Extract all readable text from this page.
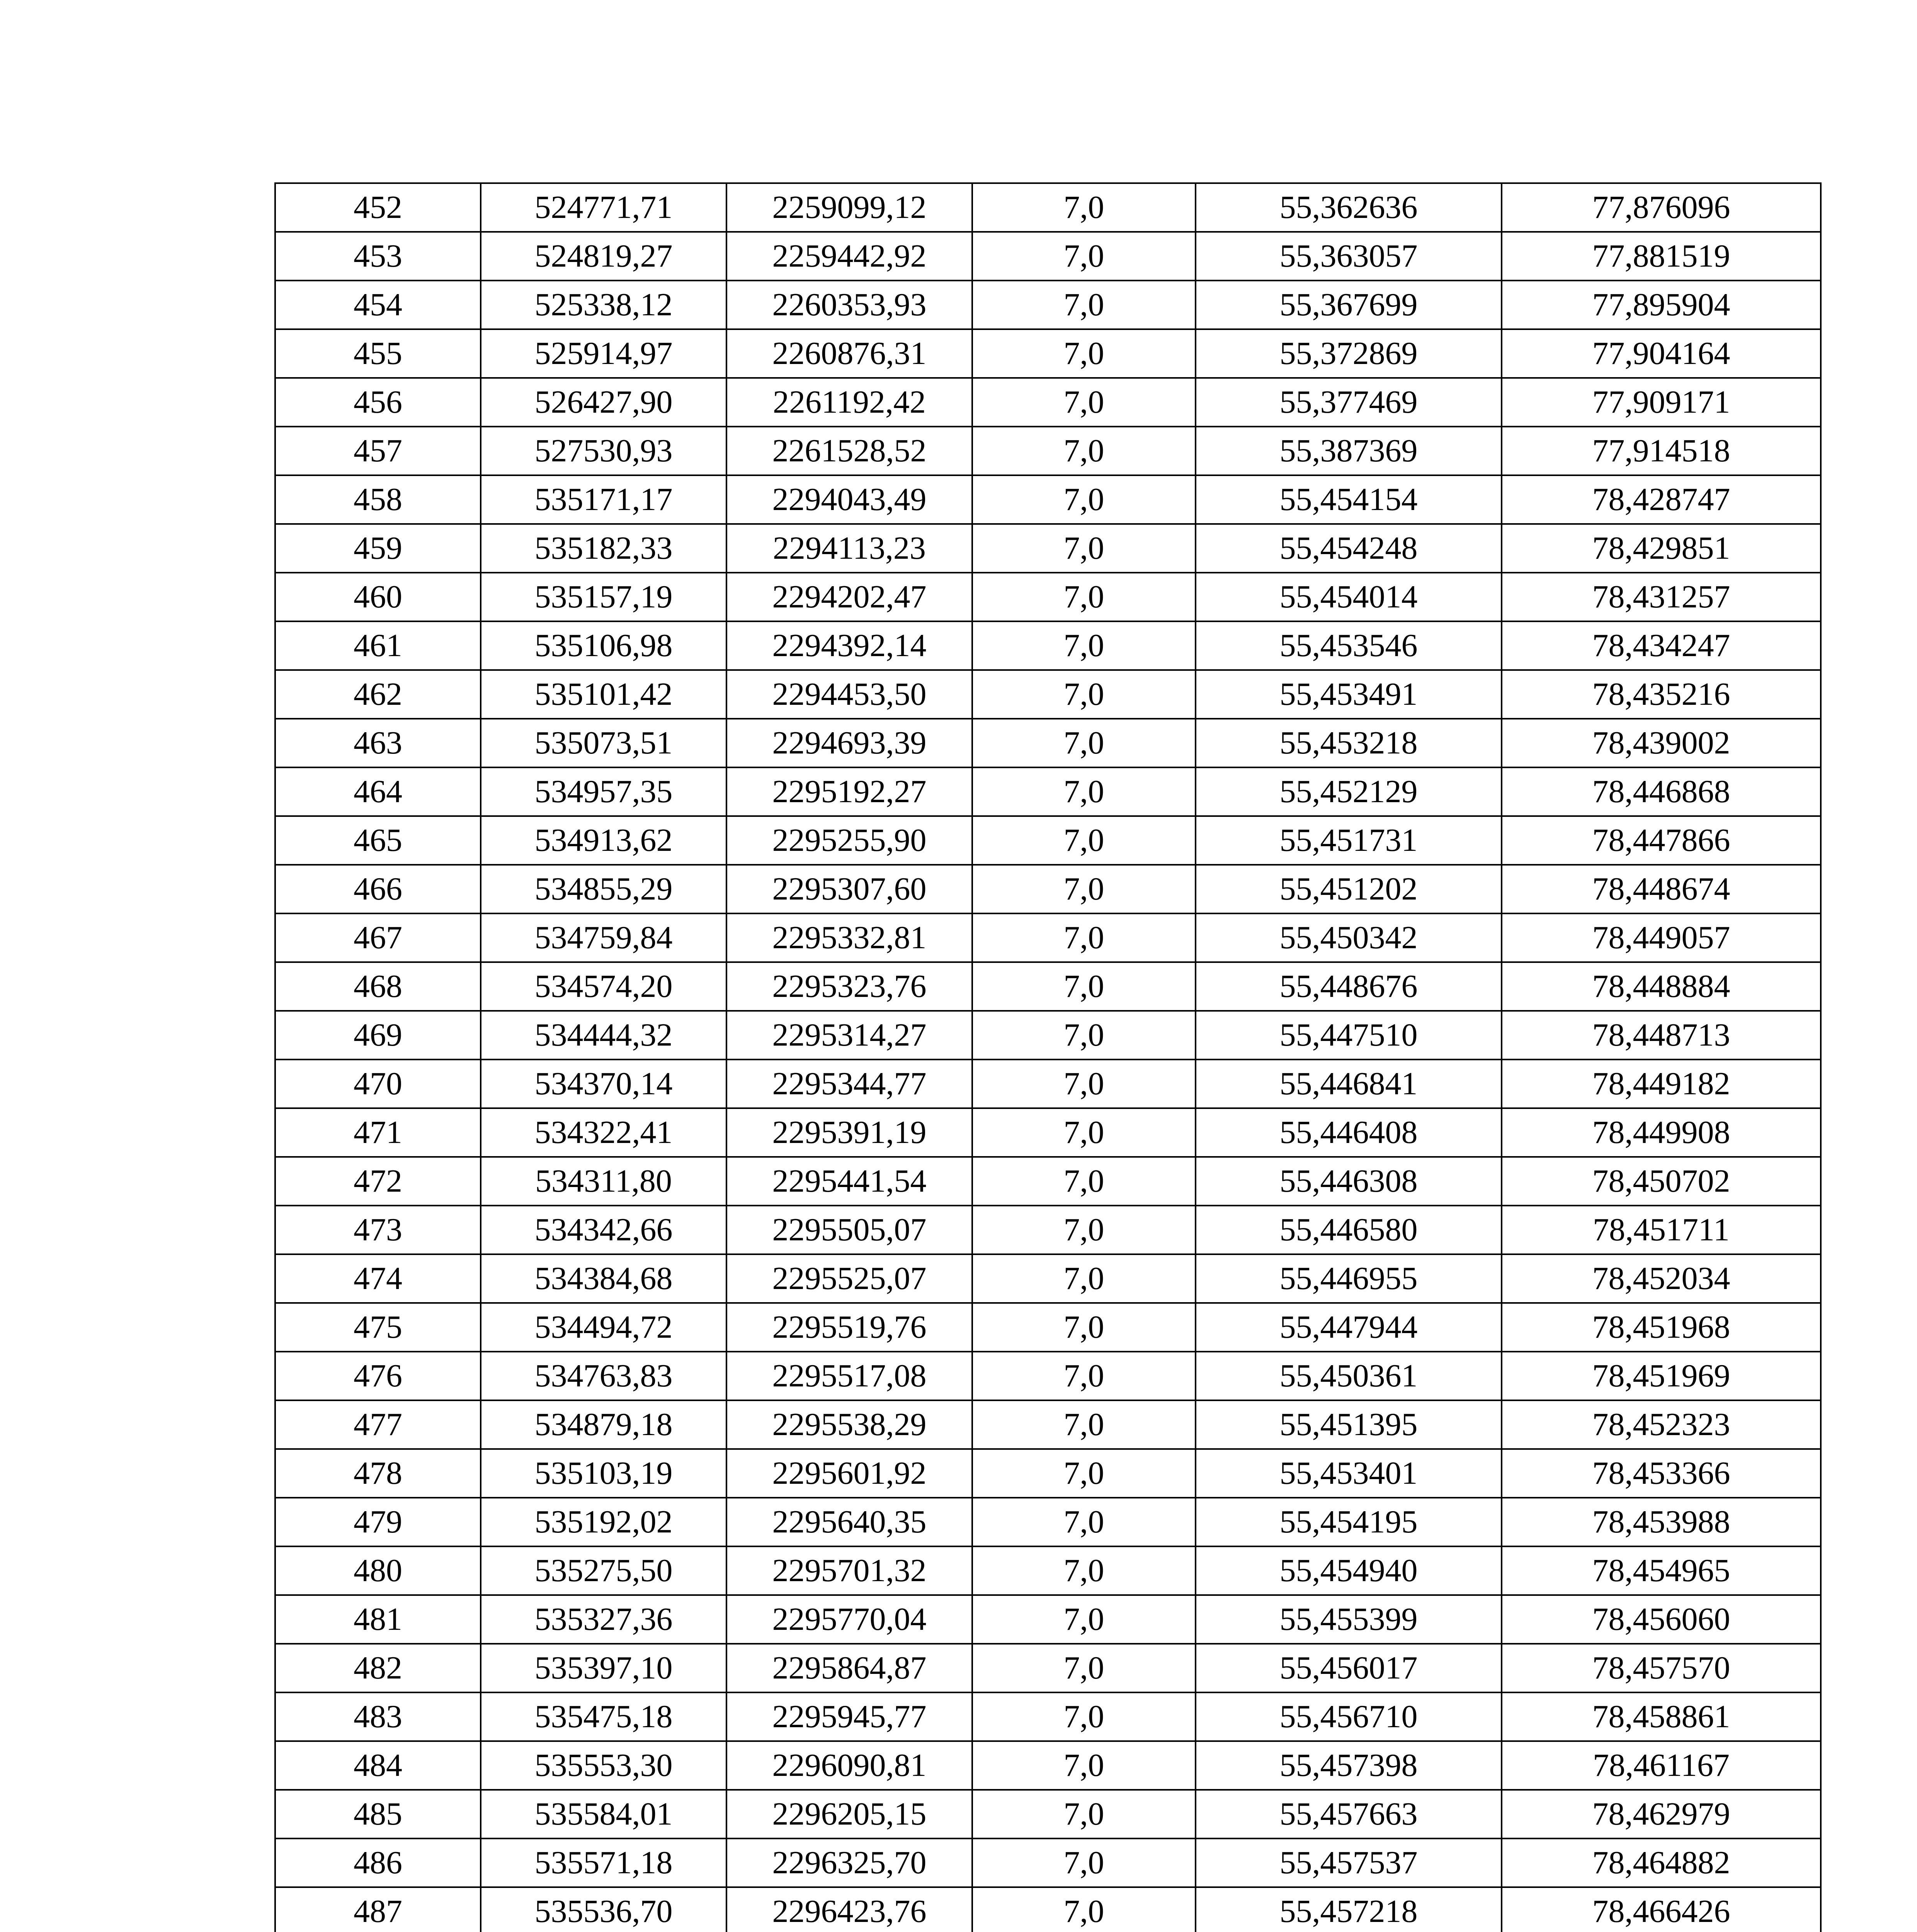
452	524771,71	2259099,12	7,0	55,362636	77,876096
453	524819,27	2259442,92	7,0	55,363057	77,881519
454	525338,12	2260353,93	7,0	55,367699	77,895904
455	525914,97	2260876,31	7,0	55,372869	77,904164
456	526427,90	2261192,42	7,0	55,377469	77,909171
457	527530,93	2261528,52	7,0	55,387369	77,914518
458	535171,17	2294043,49	7,0	55,454154	78,428747
459	535182,33	2294113,23	7,0	55,454248	78,429851
460	535157,19	2294202,47	7,0	55,454014	78,431257
461	535106,98	2294392,14	7,0	55,453546	78,434247
462	535101,42	2294453,50	7,0	55,453491	78,435216
463	535073,51	2294693,39	7,0	55,453218	78,439002
464	534957,35	2295192,27	7,0	55,452129	78,446868
465	534913,62	2295255,90	7,0	55,451731	78,447866
466	534855,29	2295307,60	7,0	55,451202	78,448674
467	534759,84	2295332,81	7,0	55,450342	78,449057
468	534574,20	2295323,76	7,0	55,448676	78,448884
469	534444,32	2295314,27	7,0	55,447510	78,448713
470	534370,14	2295344,77	7,0	55,446841	78,449182
471	534322,41	2295391,19	7,0	55,446408	78,449908
472	534311,80	2295441,54	7,0	55,446308	78,450702
473	534342,66	2295505,07	7,0	55,446580	78,451711
474	534384,68	2295525,07	7,0	55,446955	78,452034
475	534494,72	2295519,76	7,0	55,447944	78,451968
476	534763,83	2295517,08	7,0	55,450361	78,451969
477	534879,18	2295538,29	7,0	55,451395	78,452323
478	535103,19	2295601,92	7,0	55,453401	78,453366
479	535192,02	2295640,35	7,0	55,454195	78,453988
480	535275,50	2295701,32	7,0	55,454940	78,454965
481	535327,36	2295770,04	7,0	55,455399	78,456060
482	535397,10	2295864,87	7,0	55,456017	78,457570
483	535475,18	2295945,77	7,0	55,456710	78,458861
484	535553,30	2296090,81	7,0	55,457398	78,461167
485	535584,01	2296205,15	7,0	55,457663	78,462979
486	535571,18	2296325,70	7,0	55,457537	78,464882
487	535536,70	2296423,76	7,0	55,457218	78,466426
